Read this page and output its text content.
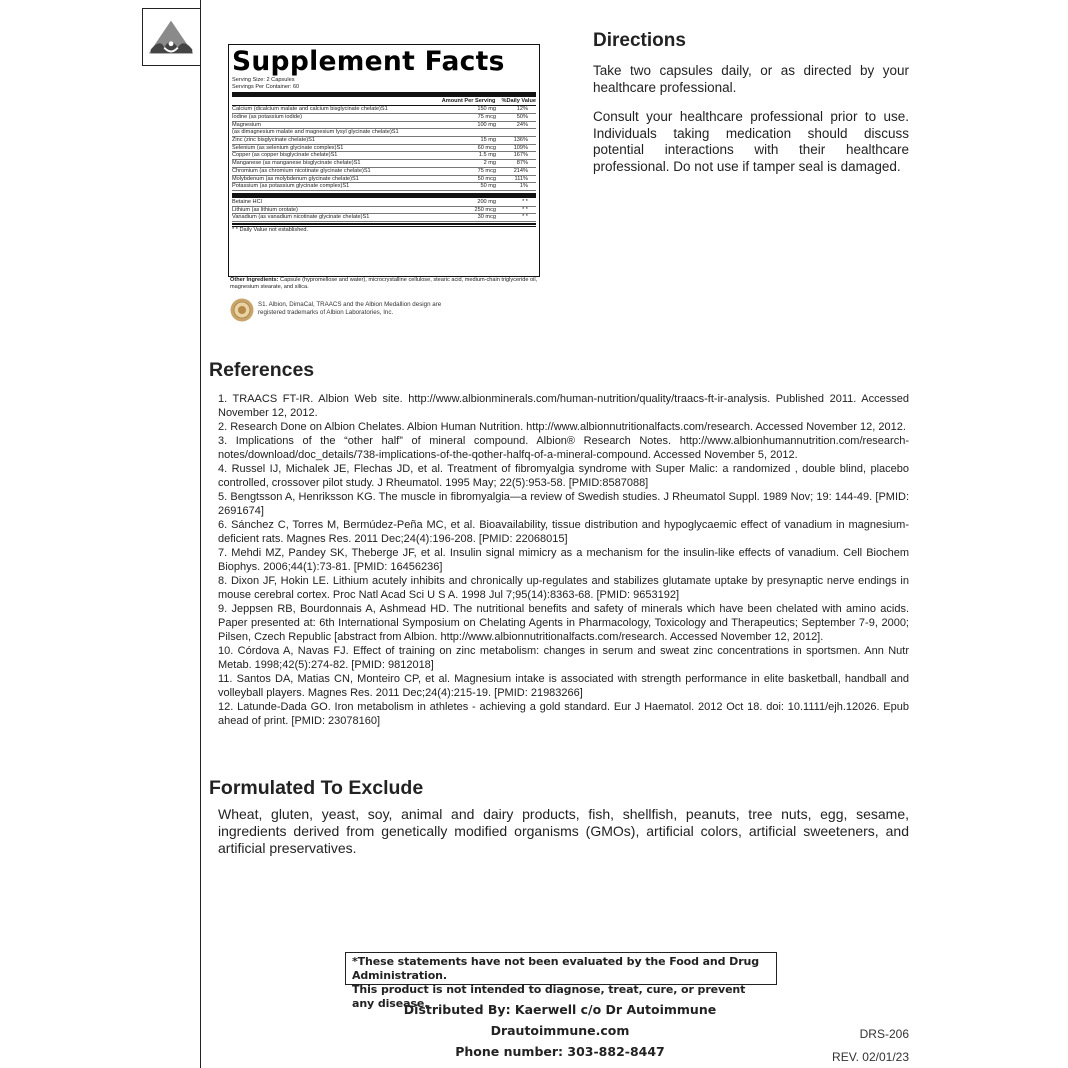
Supplement Facts
Serving Size: 2 Capsules
Servings Per Container: 60
Amount Per Serving %Daily Value
Calcium (dicalcium malate and calcium bisglycinate chelate)S1	150 mg	12%
Iodine (as potassium iodide)	75 mcg	50%
Magnesium	100 mg	24%
(as dimagnesium malate and magnesium lysyl glycinate chelate)S1
Zinc (zinc bisglycinate chelate)S1	15 mg	136%
Selenium (as selenium glycinate complex)S1	60 mcg	109%
Copper (as copper bisglycinate chelate)S1	1.5 mg	167%
Manganese (as manganese bisglycinate chelate)S1	2 mg	87%
Chromium (as chromium nicotinate glycinate chelate)S1	75 mcg	214%
Molybdenum (as molybdenum glycinate chelate)S1	50 mcg	111%
Potassium (as potassium glycinate complex)S1	50 mg	1%
Betaine HCl	200 mg	* *
Lithium (as lithium orotate)	250 mcg	* *
Vanadium (as vanadium nicotinate glycinate chelate)S1	30 mcg	* *
* * Daily Value not established.
Other Ingredients: Capsule (hypromellose and water), microcrystalline cellulose, stearic acid, medium-chain triglyceride oil, magnesium stearate, and silica.
S1. Albion, DimaCal, TRAACS and the Albion Medallion design are registered trademarks of Albion Laboratories, Inc.
Directions

Take two capsules daily, or as directed by your healthcare professional.

Consult your healthcare professional prior to use. Individuals taking medication should discuss potential interactions with their healthcare professional. Do not use if tamper seal is damaged.

References
1. TRAACS FT-IR. Albion Web site. http://www.albionminerals.com/human-nutrition/quality/traacs-ft-ir-analysis. Published 2011. Accessed November 12, 2012.
2. Research Done on Albion Chelates. Albion Human Nutrition. http://www.albionnutritionalfacts.com/research. Accessed November 12, 2012.
3. Implications of the “other half” of mineral compound. Albion® Research Notes. http://www.albionhumannutrition.com/research-notes/download/doc_details/738-implications-of-the-qother-halfq-of-a-mineral-compound. Accessed November 5, 2012.
4. Russel IJ, Michalek JE, Flechas JD, et al. Treatment of fibromyalgia syndrome with Super Malic: a randomized , double blind, placebo controlled, crossover pilot study. J Rheumatol. 1995 May; 22(5):953-58. [PMID:8587088]
5. Bengtsson A, Henriksson KG. The muscle in fibromyalgia—a review of Swedish studies. J Rheumatol Suppl. 1989 Nov; 19: 144-49. [PMID: 2691674]
6. Sánchez C, Torres M, Bermúdez-Peña MC, et al. Bioavailability, tissue distribution and hypoglycaemic effect of vanadium in magnesium-deficient rats. Magnes Res. 2011 Dec;24(4):196-208. [PMID: 22068015]
7. Mehdi MZ, Pandey SK, Theberge JF, et al. Insulin signal mimicry as a mechanism for the insulin-like effects of vanadium. Cell Biochem Biophys. 2006;44(1):73-81. [PMID: 16456236]
8. Dixon JF, Hokin LE. Lithium acutely inhibits and chronically up-regulates and stabilizes glutamate uptake by presynaptic nerve endings in mouse cerebral cortex. Proc Natl Acad Sci U S A. 1998 Jul 7;95(14):8363-68. [PMID: 9653192]
9. Jeppsen RB, Bourdonnais A, Ashmead HD. The nutritional benefits and safety of minerals which have been chelated with amino acids. Paper presented at: 6th International Symposium on Chelating Agents in Pharmacology, Toxicology and Therapeutics; September 7-9, 2000; Pilsen, Czech Republic [abstract from Albion. http://www.albionnutritionalfacts.com/research. Accessed November 12, 2012].
10. Córdova A, Navas FJ. Effect of training on zinc metabolism: changes in serum and sweat zinc concentrations in sportsmen. Ann Nutr Metab. 1998;42(5):274-82. [PMID: 9812018]
11. Santos DA, Matias CN, Monteiro CP, et al. Magnesium intake is associated with strength performance in elite basketball, handball and volleyball players. Magnes Res. 2011 Dec;24(4):215-19. [PMID: 21983266]
12. Latunde-Dada GO. Iron metabolism in athletes - achieving a gold standard. Eur J Haematol. 2012 Oct 18. doi: 10.1111/ejh.12026. Epub ahead of print. [PMID: 23078160]
Formulated To Exclude

Wheat, gluten, yeast, soy, animal and dairy products, fish, shellfish, peanuts, tree nuts, egg, sesame, ingredients derived from genetically modified organisms (GMOs), artificial colors, artificial sweeteners, and artificial preservatives.

*These statements have not been evaluated by the Food and Drug Administration.
This product is not intended to diagnose, treat, cure, or prevent any disease.
Distributed By: Kaerwell c/o Dr Autoimmune
Drautoimmune.com
Phone number: 303-882-8447
DRS-206
REV. 02/01/23
